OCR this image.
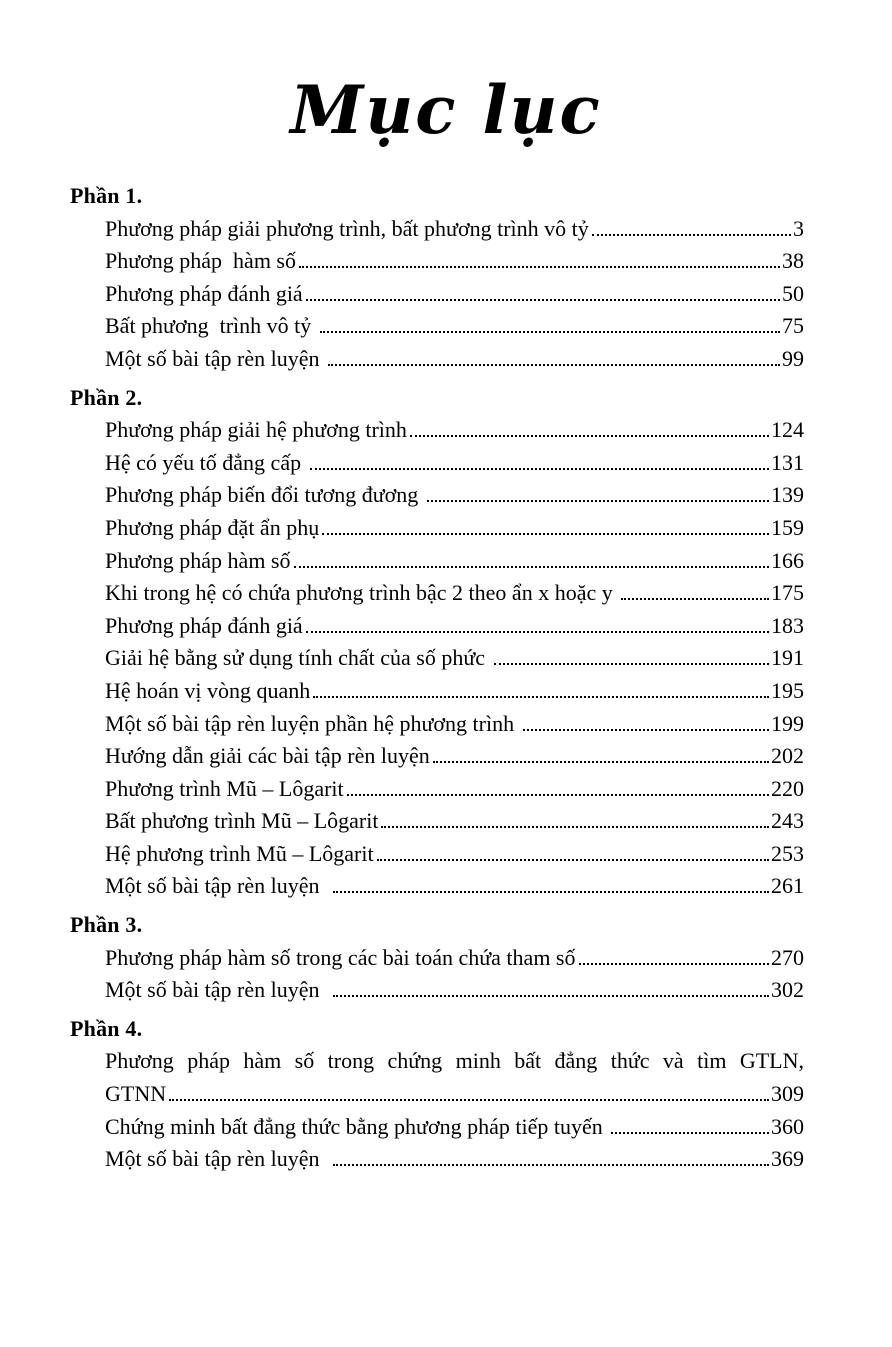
Mục lục
Phần 1.
Phương pháp giải phương trình, bất phương trình vô tỷ	3
Phương pháp  hàm số	38
Phương pháp đánh giá	50
Bất phương  trình vô tỷ	75
Một số bài tập rèn luyện	99
Phần 2.
Phương pháp giải hệ phương trình	124
Hệ có yếu tố đẳng cấp	131
Phương pháp biến đổi tương đương	139
Phương pháp đặt ẩn phụ	159
Phương pháp hàm số	166
Khi trong hệ có chứa phương trình bậc 2 theo ẩn x hoặc y	175
Phương pháp đánh giá	183
Giải hệ bằng sử dụng tính chất của số phức	191
Hệ hoán vị vòng quanh	195
Một số bài tập rèn luyện phần hệ phương trình	199
Hướng dẫn giải các bài tập rèn luyện	202
Phương trình Mũ – Lôgarit	220
Bất phương trình Mũ – Lôgarit	243
Hệ phương trình Mũ – Lôgarit	253
Một số bài tập rèn luyện	261
Phần 3.
Phương pháp hàm số trong các bài toán chứa tham số	270
Một số bài tập rèn luyện	302
Phần 4.
Phương pháp hàm số trong chứng minh bất đẳng thức và tìm GTLN,
GTNN	309
Chứng minh bất đẳng thức bằng phương pháp tiếp tuyến	360
Một số bài tập rèn luyện	369
